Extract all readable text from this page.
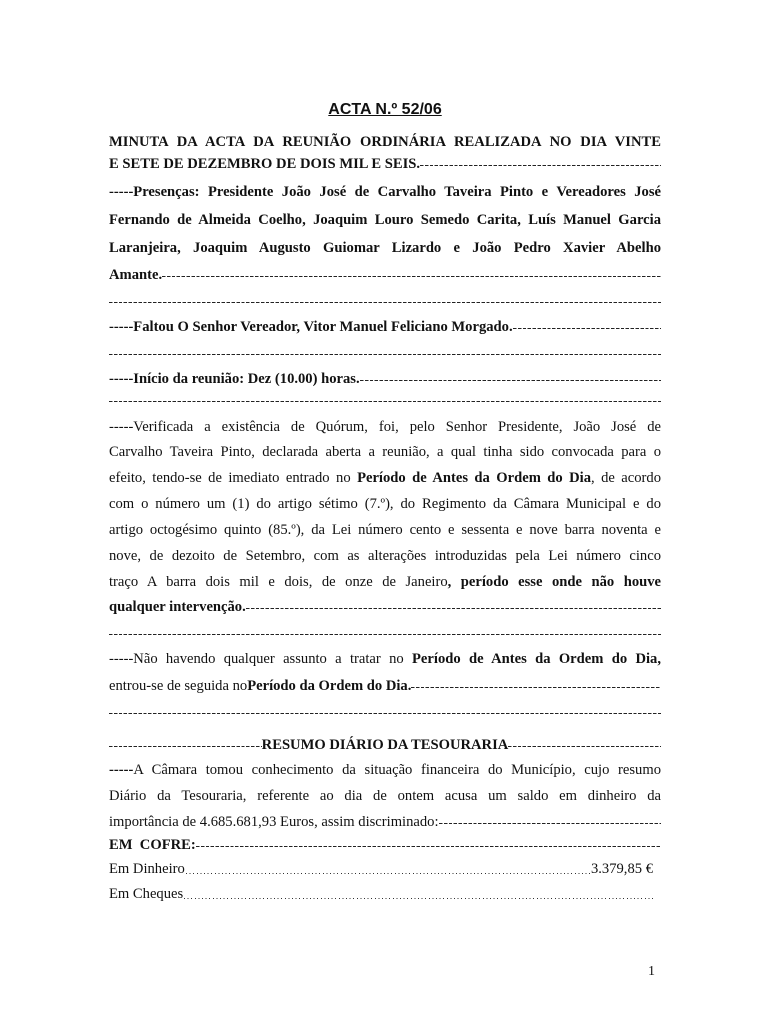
ACTA N.º 52/06
MINUTA DA ACTA DA REUNIÃO ORDINÁRIA REALIZADA NO DIA VINTE
E SETE DE DEZEMBRO DE DOIS MIL E SEIS.
-----Presenças: Presidente João José de Carvalho Taveira Pinto e Vereadores José
Fernando de Almeida Coelho, Joaquim Louro Semedo Carita, Luís Manuel Garcia
Laranjeira, Joaquim Augusto Guiomar Lizardo e João Pedro Xavier Abelho
Amante.
-----Faltou O Senhor Vereador, Vitor Manuel Feliciano Morgado.
-----Início da reunião: Dez (10.00) horas.
-----Verificada a existência de Quórum, foi, pelo Senhor Presidente, João José de
Carvalho Taveira Pinto, declarada aberta a reunião, a qual tinha sido convocada para o
efeito, tendo-se de imediato entrado no Período de Antes da Ordem do Dia, de acordo
com o número um (1) do artigo sétimo (7.º), do Regimento da Câmara Municipal e do
artigo octogésimo quinto (85.º), da Lei número cento e sessenta e nove barra noventa e
nove, de dezoito de Setembro, com as alterações introduzidas pela Lei número cinco
traço A barra dois mil e dois, de onze de Janeiro, período esse onde não houve
qualquer intervenção.
-----Não havendo qualquer assunto a tratar no Período de Antes da Ordem do Dia,
entrou-se de seguida no Período da Ordem do Dia.
RESUMO DIÁRIO DA TESOURARIA
-----A Câmara tomou conhecimento da situação financeira do Município, cujo resumo
Diário da Tesouraria, referente ao dia de ontem acusa um saldo em dinheiro da
importância de 4.685.681,93 Euros, assim discriminado:
EM  COFRE:
Em Dinheiro	3.379,85 €
Em Cheques
1
